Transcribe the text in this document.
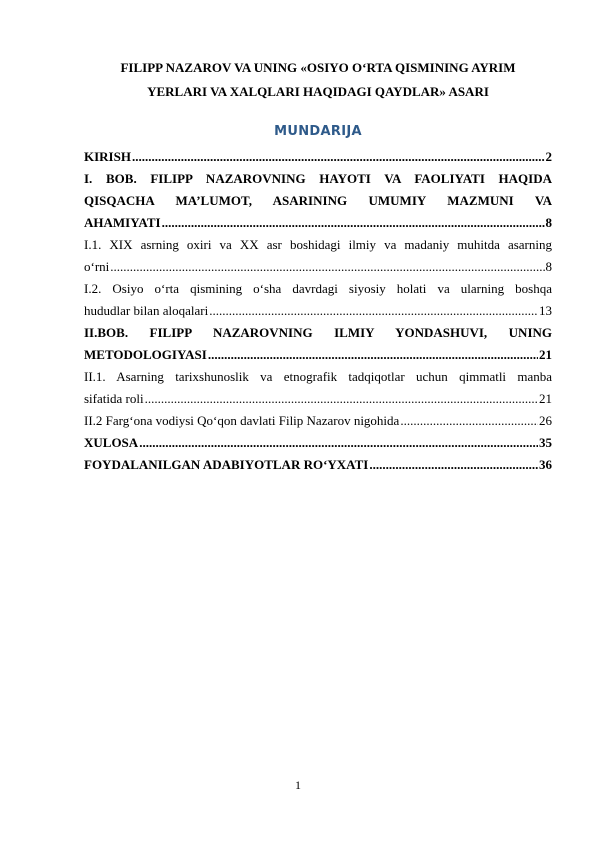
FILIPP NAZAROV VA UNING «OSIYO O‘RTA QISMINING AYRIM
YERLARI VA XALQLARI HAQIDAGI QAYDLAR» ASARI
MUNDARIJA
KIRISH .....	2
I. BOB. FILIPP NAZAROVNING HAYOTI VA FAOLIYATI HAQIDA
QISQACHA MA’LUMOT, ASARINING UMUMIY MAZMUNI VA
AHAMIYATI .....	8
I.1. XIX asrning oxiri va XX asr boshidagi ilmiy va madaniy muhitda asarning
o‘rni .....	8
I.2. Osiyo o‘rta qismining o‘sha davrdagi siyosiy holati va ularning boshqa
hududlar bilan aloqalari .....	13
II.BOB. FILIPP NAZAROVNING ILMIY YONDASHUVI, UNING
METODOLOGIYASI .....	21
II.1. Asarning tarixshunoslik va etnografik tadqiqotlar uchun qimmatli manba
sifatida roli .....	21
II.2 Farg‘ona vodiysi Qo‘qon davlati Filip Nazarov nigohida .....	26
XULOSA .....	35
FOYDALANILGAN ADABIYOTLAR RO‘YXATI .....	36
1
